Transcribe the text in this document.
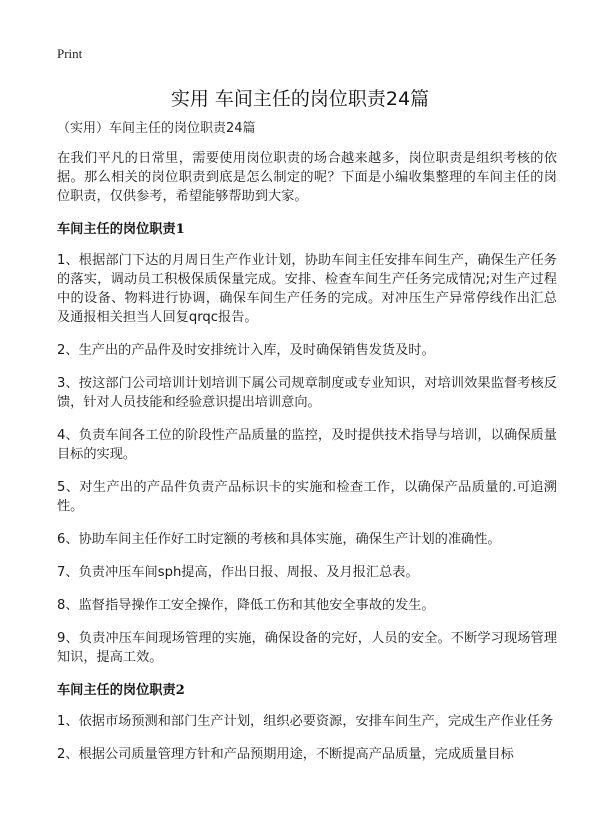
Print
实用 车间主任的岗位职责24篇
（实用）车间主任的岗位职责24篇
在我们平凡的日常里，需要使用岗位职责的场合越来越多，岗位职责是组织考核的依据。那么相关的岗位职责到底是怎么制定的呢？下面是小编收集整理的车间主任的岗位职责，仅供参考，希望能够帮助到大家。
车间主任的岗位职责1
1、根据部门下达的月周日生产作业计划，协助车间主任安排车间生产，确保生产任务的落实，调动员工积极保质保量完成。安排、检查车间生产任务完成情况;对生产过程中的设备、物料进行协调，确保车间生产任务的完成。对冲压生产异常停线作出汇总及通报相关担当人回复qrqc报告。
2、生产出的产品件及时安排统计入库，及时确保销售发货及时。
3、按这部门公司培训计划培训下属公司规章制度或专业知识，对培训效果监督考核反馈，针对人员技能和经验意识提出培训意向。
4、负责车间各工位的阶段性产品质量的监控，及时提供技术指导与培训，以确保质量目标的实现。
5、对生产出的产品件负责产品标识卡的实施和检查工作，以确保产品质量的.可追溯性。
6、协助车间主任作好工时定额的考核和具体实施，确保生产计划的准确性。
7、负责冲压车间sph提高，作出日报、周报、及月报汇总表。
8、监督指导操作工安全操作，降低工伤和其他安全事故的发生。
9、负责冲压车间现场管理的实施，确保设备的完好，人员的安全。不断学习现场管理知识，提高工效。
车间主任的岗位职责2
1、依据市场预测和部门生产计划，组织必要资源，安排车间生产，完成生产作业任务
2、根据公司质量管理方针和产品预期用途，不断提高产品质量，完成质量目标
